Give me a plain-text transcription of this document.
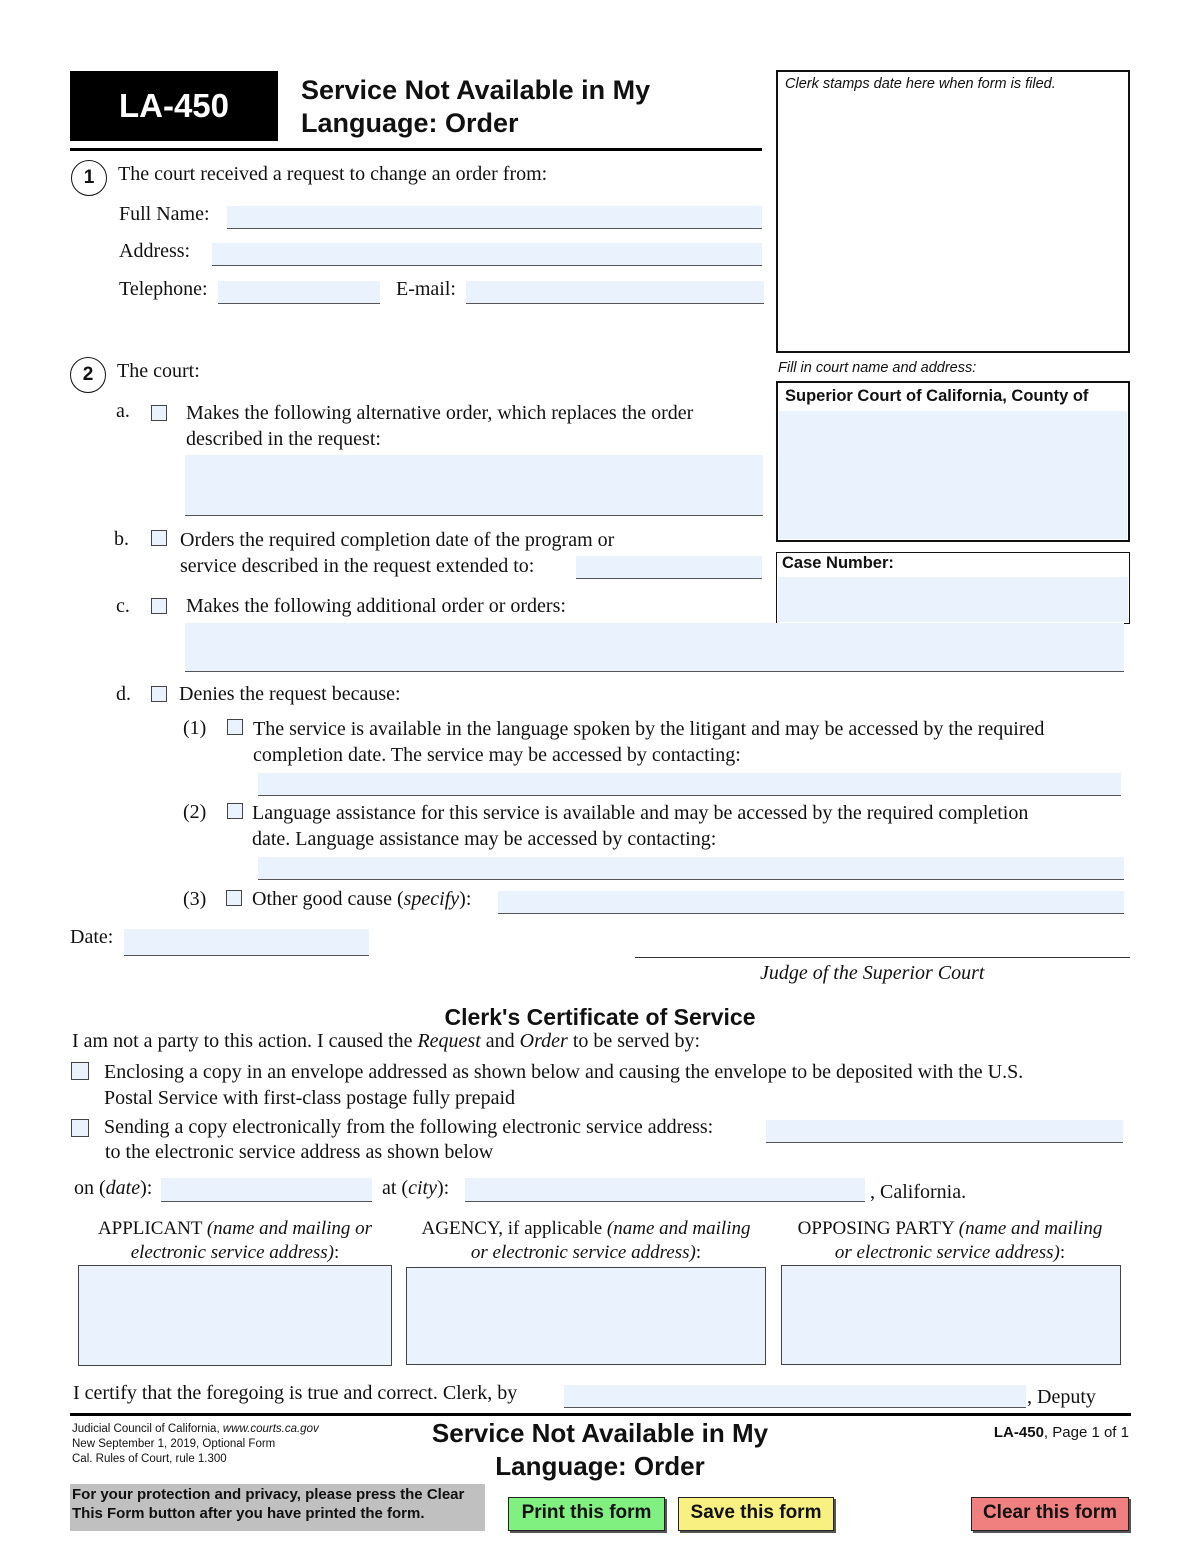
LA-450	Service Not Available in My
Language: Order
Clerk stamps date here when form is filed.
Fill in court name and address:
Superior Court of California, County of
Case Number:
1	The court received a request to change an order from:
Full Name:
Address:
Telephone:	E-mail:
2	The court:
a.	Makes the following alternative order, which replaces the order
described in the request:
b.	Orders the required completion date of the program or
service described in the request extended to:
c.	Makes the following additional order or orders:
d. Denies the request because:
(1) The service is available in the language spoken by the litigant and may be accessed by the required
completion date. The service may be accessed by contacting:
(2) Language assistance for this service is available and may be accessed by the required completion
date. Language assistance may be accessed by contacting:
(3) Other good cause (specify):
Date:
Judge of the Superior Court
Clerk's Certificate of Service
I am not a party to this action. I caused the Request and Order to be served by:
Enclosing a copy in an envelope addressed as shown below and causing the envelope to be deposited with the U.S.
Postal Service with first-class postage fully prepaid
Sending a copy electronically from the following electronic service address:
to the electronic service address as shown below
on (date):	at (city):	, California.
APPLICANT (name and mailing or
electronic service address):
AGENCY, if applicable (name and mailing
or electronic service address):
OPPOSING PARTY (name and mailing
or electronic service address):
I certify that the foregoing is true and correct. Clerk, by	, Deputy
Judicial Council of California, www.courts.ca.gov
New September 1, 2019, Optional Form
Cal. Rules of Court, rule 1.300
Service Not Available in My
Language: Order
LA-450, Page 1 of 1
For your protection and privacy, please press the Clear This Form button after you have printed the form.	Print this form	Save this form	Clear this form
